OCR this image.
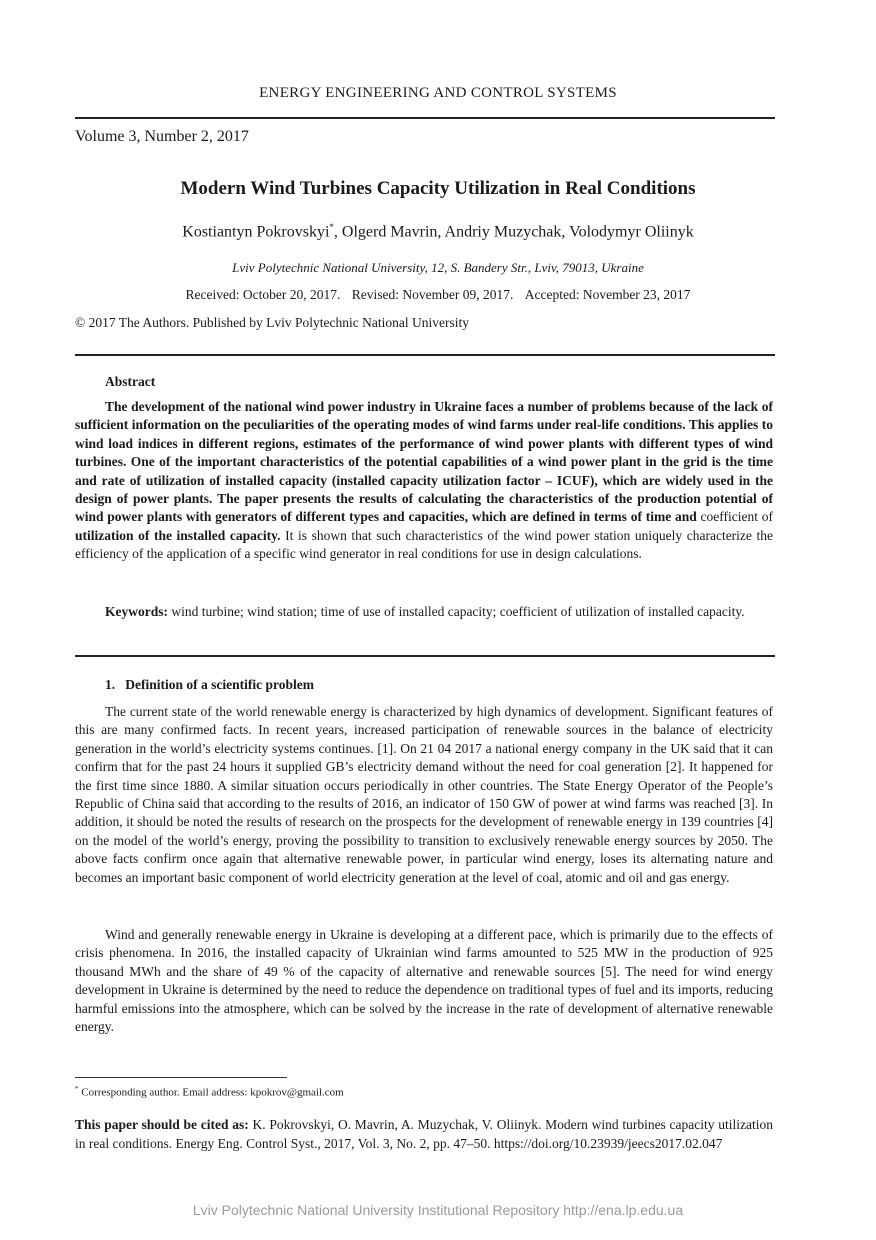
ENERGY ENGINEERING AND CONTROL SYSTEMS
Volume 3, Number 2, 2017
Modern Wind Turbines Capacity Utilization in Real Conditions
Kostiantyn Pokrovskyi*, Olgerd Mavrin, Andriy Muzychak, Volodymyr Oliinyk
Lviv Polytechnic National University, 12, S. Bandery Str., Lviv, 79013, Ukraine
Received: October 20, 2017. Revised: November 09, 2017. Accepted: November 23, 2017
© 2017 The Authors. Published by Lviv Polytechnic National University
Abstract

The development of the national wind power industry in Ukraine faces a number of problems because of the lack of sufficient information on the peculiarities of the operating modes of wind farms under real-life conditions. This applies to wind load indices in different regions, estimates of the performance of wind power plants with different types of wind turbines. One of the important characteristics of the potential capabilities of a wind power plant in the grid is the time and rate of utilization of installed capacity (installed capacity utilization factor – ICUF), which are widely used in the design of power plants. The paper presents the results of calculating the characteristics of the production potential of wind power plants with generators of different types and capacities, which are defined in terms of time and coefficient of utilization of the installed capacity. It is shown that such characteristics of the wind power station uniquely characterize the efficiency of the application of a specific wind generator in real conditions for use in design calculations.

Keywords: wind turbine; wind station; time of use of installed capacity; coefficient of utilization of installed capacity.

1.   Definition of a scientific problem

The current state of the world renewable energy is characterized by high dynamics of development. Significant features of this are many confirmed facts. In recent years, increased participation of renewable sources in the balance of electricity generation in the world’s electricity systems continues. [1]. On 21 04 2017 a national energy company in the UK said that it can confirm that for the past 24 hours it supplied GB’s electricity demand without the need for coal generation [2]. It happened for the first time since 1880. A similar situation occurs periodically in other countries. The State Energy Operator of the People’s Republic of China said that according to the results of 2016, an indicator of 150 GW of power at wind farms was reached [3]. In addition, it should be noted the results of research on the prospects for the development of renewable energy in 139 countries [4] on the model of the world’s energy, proving the possibility to transition to exclusively renewable energy sources by 2050. The above facts confirm once again that alternative renewable power, in particular wind energy, loses its alternating nature and becomes an important basic component of world electricity generation at the level of coal, atomic and oil and gas energy.

Wind and generally renewable energy in Ukraine is developing at a different pace, which is primarily due to the effects of crisis phenomena. In 2016, the installed capacity of Ukrainian wind farms amounted to 525 MW in the production of 925 thousand MWh and the share of 49 % of the capacity of alternative and renewable sources [5]. The need for wind energy development in Ukraine is determined by the need to reduce the dependence on traditional types of fuel and its imports, reducing harmful emissions into the atmosphere, which can be solved by the increase in the rate of development of alternative renewable energy.

* Corresponding author. Email address: kpokrov@gmail.com

This paper should be cited as: K. Pokrovskyi, O. Mavrin, A. Muzychak, V. Oliinyk. Modern wind turbines capacity utilization in real conditions. Energy Eng. Control Syst., 2017, Vol. 3, No. 2, pp. 47–50. https://doi.org/10.23939/jeecs2017.02.047

Lviv Polytechnic National University Institutional Repository http://ena.lp.edu.ua
